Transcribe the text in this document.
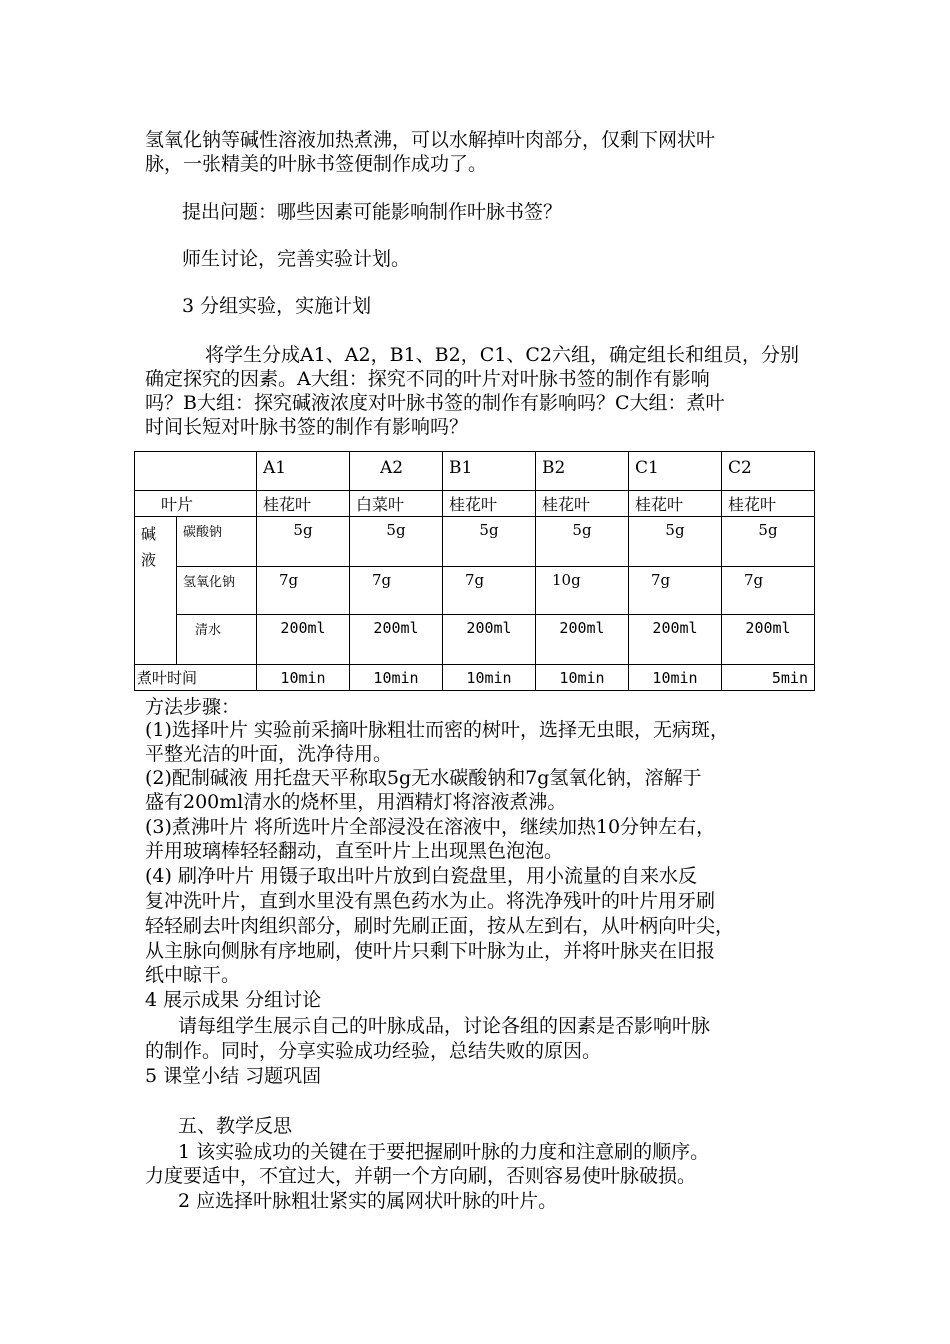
氢氧化钠等碱性溶液加热煮沸，可以水解掉叶肉部分，仅剩下网状叶
脉，一张精美的叶脉书签便制作成功了。
提出问题：哪些因素可能影响制作叶脉书签？
师生讨论，完善实验计划。
3 分组实验，实施计划
将学生分成A1、A2，B1、B2，C1、C2六组，确定组长和组员，分别
确定探究的因素。A大组：探究不同的叶片对叶脉书签的制作有影响
吗？B大组：探究碱液浓度对叶脉书签的制作有影响吗？C大组：煮叶
时间长短对叶脉书签的制作有影响吗？
		A1	A2	B1	B2	C1	C2
叶片		桂花叶	白菜叶	桂花叶	桂花叶	桂花叶	桂花叶

碱液	碳酸钠	5g	5g	5g	5g	5g	5g
	氢氧化钠	7g	7g	7g	10g	7g	7g
	清水	200ml	200ml	200ml	200ml	200ml	200ml
煮叶时间		10min	10min	10min	10min	10min	5min
方法步骤：
(1)选择叶片 实验前采摘叶脉粗壮而密的树叶，选择无虫眼，无病斑，
平整光洁的叶面，洗净待用。
(2)配制碱液 用托盘天平称取5g无水碳酸钠和7g氢氧化钠，溶解于
盛有200ml清水的烧杯里，用酒精灯将溶液煮沸。
(3)煮沸叶片 将所选叶片全部浸没在溶液中，继续加热10分钟左右，
并用玻璃棒轻轻翻动，直至叶片上出现黑色泡泡。
(4) 刷净叶片 用镊子取出叶片放到白瓷盘里，用小流量的自来水反
复冲洗叶片，直到水里没有黑色药水为止。将洗净残叶的叶片用牙刷
轻轻刷去叶肉组织部分，刷时先刷正面，按从左到右，从叶柄向叶尖，
从主脉向侧脉有序地刷，使叶片只剩下叶脉为止，并将叶脉夹在旧报
纸中晾干。
4 展示成果 分组讨论
请每组学生展示自己的叶脉成品，讨论各组的因素是否影响叶脉
的制作。同时，分享实验成功经验，总结失败的原因。
5 课堂小结 习题巩固
五、教学反思
1 该实验成功的关键在于要把握刷叶脉的力度和注意刷的顺序。
力度要适中，不宜过大，并朝一个方向刷，否则容易使叶脉破损。
2 应选择叶脉粗壮紧实的属网状叶脉的叶片。
